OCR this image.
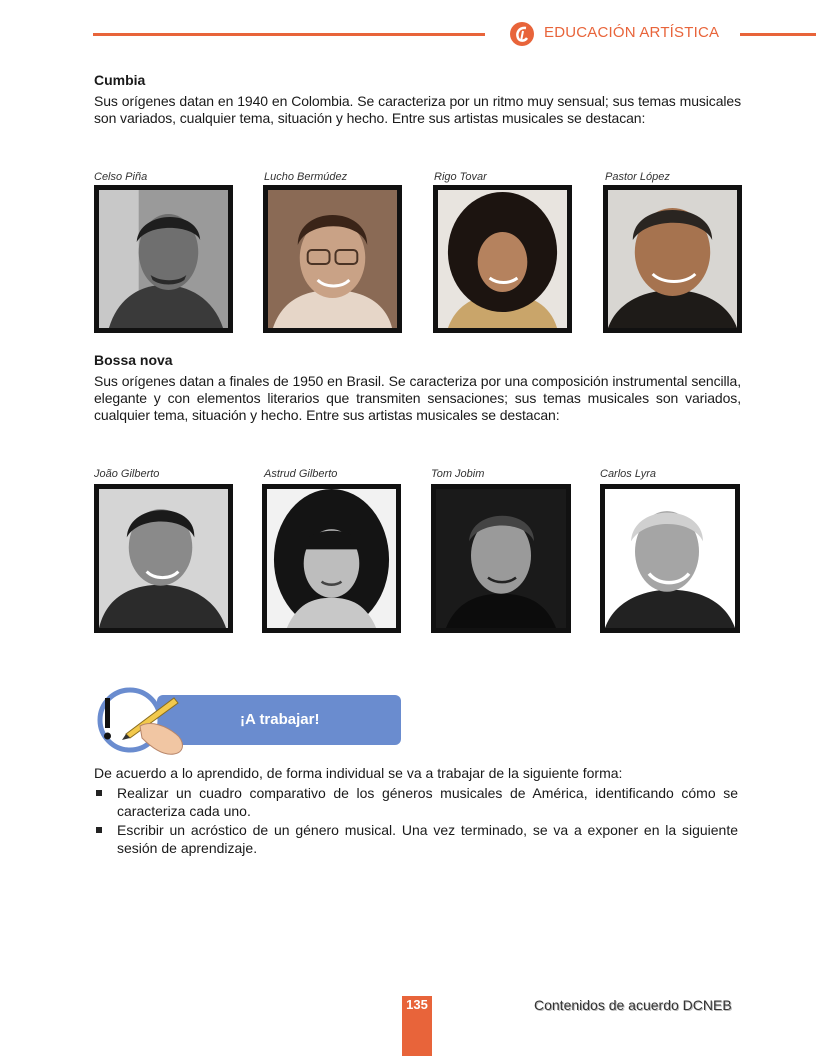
EDUCACIÓN ARTÍSTICA
Cumbia
Sus orígenes datan en 1940 en Colombia. Se caracteriza por un ritmo muy sensual; sus temas musicales son variados, cualquier tema, situación y hecho. Entre sus artistas musicales se destacan:
Celso Piña	Lucho Bermúdez	Rigo Tovar	Pastor López
Bossa nova
Sus orígenes datan a finales de 1950 en Brasil. Se caracteriza por una composición instrumental sencilla, elegante y con elementos literarios que transmiten sensaciones; sus temas musicales son variados, cualquier tema, situación y hecho. Entre sus artistas musicales se destacan:
João Gilberto	Astrud Gilberto	Tom Jobim	Carlos Lyra
¡A trabajar!
De acuerdo a lo aprendido, de forma individual se va a trabajar de la siguiente forma:
Realizar un cuadro comparativo de los géneros musicales de América, identificando cómo se caracteriza cada uno.
Escribir un acróstico de un género musical. Una vez terminado, se va a exponer en la siguiente sesión de aprendizaje.
135	Contenidos de acuerdo DCNEB
